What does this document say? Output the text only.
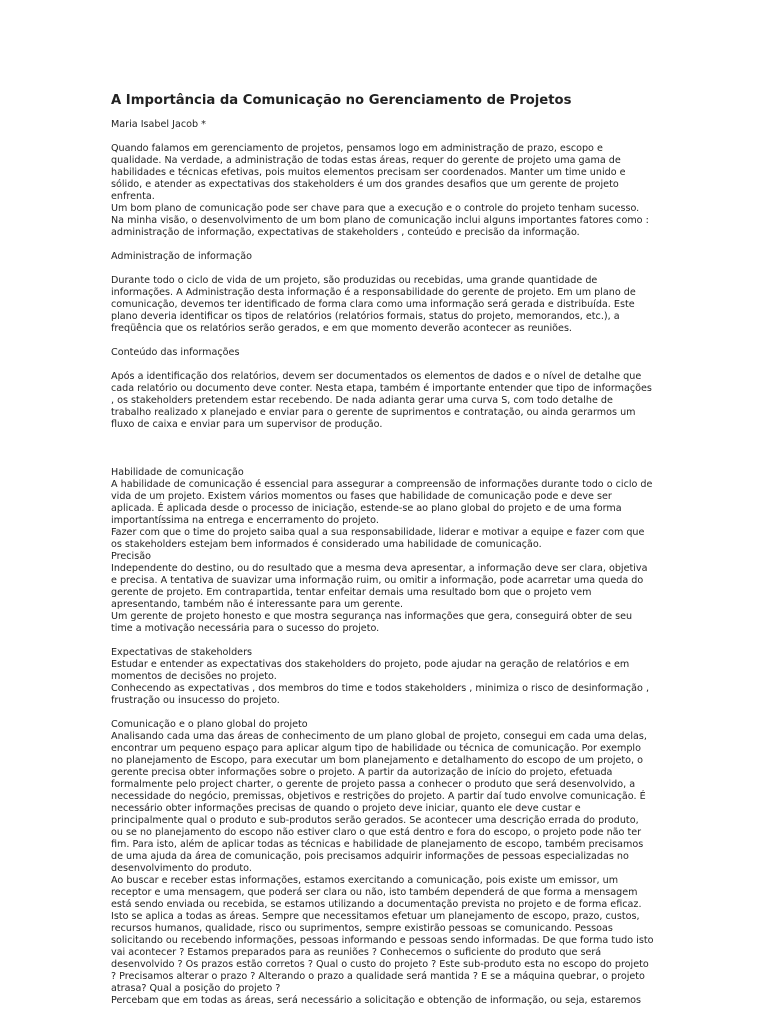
A Importância da Comunicação no Gerenciamento de Projetos
Maria Isabel Jacob *
Quando falamos em gerenciamento de projetos, pensamos logo em administração de prazo, escopo e
qualidade. Na verdade, a administração de todas estas áreas, requer do gerente de projeto uma gama de
habilidades e técnicas efetivas, pois muitos elementos precisam ser coordenados. Manter um time unido e
sólido, e atender as expectativas dos stakeholders é um dos grandes desafios que um gerente de projeto
enfrenta.
Um bom plano de comunicação pode ser chave para que a execução e o controle do projeto tenham sucesso.
Na minha visão, o desenvolvimento de um bom plano de comunicação inclui alguns importantes fatores como :
administração de informação, expectativas de stakeholders , conteúdo e precisão da informação.
Administração de informação
Durante todo o ciclo de vida de um projeto, são produzidas ou recebidas, uma grande quantidade de
informações. A Administração desta informação é a responsabilidade do gerente de projeto. Em um plano de
comunicação, devemos ter identificado de forma clara como uma informação será gerada e distribuída. Este
plano deveria identificar os tipos de relatórios (relatórios formais, status do projeto, memorandos, etc.), a
freqüência que os relatórios serão gerados, e em que momento deverão acontecer as reuniões.
Conteúdo das informações
Após a identificação dos relatórios, devem ser documentados os elementos de dados e o nível de detalhe que
cada relatório ou documento deve conter. Nesta etapa, também é importante entender que tipo de informações
, os stakeholders pretendem estar recebendo. De nada adianta gerar uma curva S, com todo detalhe de
trabalho realizado x planejado e enviar para o gerente de suprimentos e contratação, ou ainda gerarmos um
fluxo de caixa e enviar para um supervisor de produção.
Habilidade de comunicação
A habilidade de comunicação é essencial para assegurar a compreensão de informações durante todo o ciclo de
vida de um projeto. Existem vários momentos ou fases que habilidade de comunicação pode e deve ser
aplicada. É aplicada desde o processo de iniciação, estende-se ao plano global do projeto e de uma forma
importantíssima na entrega e encerramento do projeto.
Fazer com que o time do projeto saiba qual a sua responsabilidade, liderar e motivar a equipe e fazer com que
os stakeholders estejam bem informados é considerado uma habilidade de comunicação.
Precisão
Independente do destino, ou do resultado que a mesma deva apresentar, a informação deve ser clara, objetiva
e precisa. A tentativa de suavizar uma informação ruim, ou omitir a informação, pode acarretar uma queda do
gerente de projeto. Em contrapartida, tentar enfeitar demais uma resultado bom que o projeto vem
apresentando, também não é interessante para um gerente.
Um gerente de projeto honesto e que mostra segurança nas informações que gera, conseguirá obter de seu
time a motivação necessária para o sucesso do projeto.
Expectativas de stakeholders
Estudar e entender as expectativas dos stakeholders do projeto, pode ajudar na geração de relatórios e em
momentos de decisões no projeto.
Conhecendo as expectativas , dos membros do time e todos stakeholders , minimiza o risco de desinformação ,
frustração ou insucesso do projeto.
Comunicação e o plano global do projeto
Analisando cada uma das áreas de conhecimento de um plano global de projeto, consegui em cada uma delas,
encontrar um pequeno espaço para aplicar algum tipo de habilidade ou técnica de comunicação. Por exemplo
no planejamento de Escopo, para executar um bom planejamento e detalhamento do escopo de um projeto, o
gerente precisa obter informações sobre o projeto. A partir da autorização de início do projeto, efetuada
formalmente pelo project charter, o gerente de projeto passa a conhecer o produto que será desenvolvido, a
necessidade do negócio, premissas, objetivos e restrições do projeto. A partir daí tudo envolve comunicação. É
necessário obter informações precisas de quando o projeto deve iniciar, quanto ele deve custar e
principalmente qual o produto e sub-produtos serão gerados. Se acontecer uma descrição errada do produto,
ou se no planejamento do escopo não estiver claro o que está dentro e fora do escopo, o projeto pode não ter
fim. Para isto, além de aplicar todas as técnicas e habilidade de planejamento de escopo, também precisamos
de uma ajuda da área de comunicação, pois precisamos adquirir informações de pessoas especializadas no
desenvolvimento do produto.
Ao buscar e receber estas informações, estamos exercitando a comunicação, pois existe um emissor, um
receptor e uma mensagem, que poderá ser clara ou não, isto também dependerá de que forma a mensagem
está sendo enviada ou recebida, se estamos utilizando a documentação prevista no projeto e de forma eficaz.
Isto se aplica a todas as áreas. Sempre que necessitamos efetuar um planejamento de escopo, prazo, custos,
recursos humanos, qualidade, risco ou suprimentos, sempre existirão pessoas se comunicando. Pessoas
solicitando ou recebendo informações, pessoas informando e pessoas sendo informadas. De que forma tudo isto
vai acontecer ? Estamos preparados para as reuniões ? Conhecemos o suficiente do produto que será
desenvolvido ? Os prazos estão corretos ? Qual o custo do projeto ? Este sub-produto esta no escopo do projeto
? Precisamos alterar o prazo ? Alterando o prazo a qualidade será mantida ? E se a máquina quebrar, o projeto
atrasa? Qual a posição do projeto ?
Percebam que em todas as áreas, será necessário a solicitação e obtenção de informação, ou seja, estaremos
